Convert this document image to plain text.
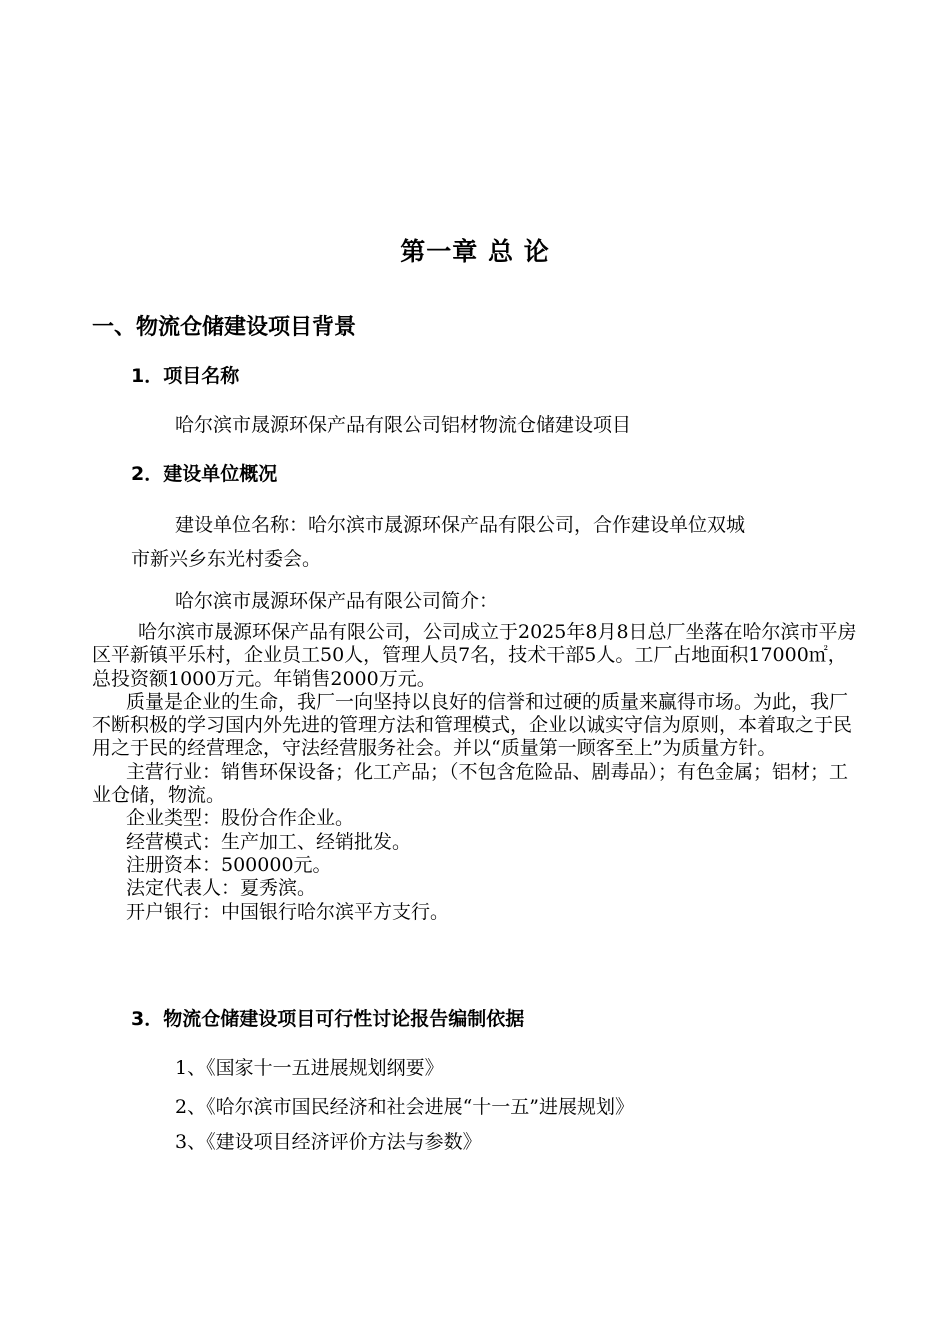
第一章 总 论
一、物流仓储建设项目背景
1．项目名称
哈尔滨市晟源环保产品有限公司铝材物流仓储建设项目
2．建设单位概况
建设单位名称：哈尔滨市晟源环保产品有限公司，合作建设单位双城
市新兴乡东光村委会。
哈尔滨市晟源环保产品有限公司简介：

哈尔滨市晟源环保产品有限公司，公司成立于2025年8月8日总厂坐落在哈尔滨市平房区平新镇平乐村，企业员工50人，管理人员7名，技术干部5人。工厂占地面积17000㎡，总投资额1000万元。年销售2000万元。

质量是企业的生命，我厂一向坚持以良好的信誉和过硬的质量来赢得市场。为此，我厂不断积极的学习国内外先进的管理方法和管理模式，企业以诚实守信为原则，本着取之于民用之于民的经营理念，守法经营服务社会。并以“质量第一顾客至上”为质量方针。

主营行业：销售环保设备；化工产品；（不包含危险品、剧毒品）；有色金属；铝材；工业仓储，物流。

企业类型：股份合作企业。

经营模式：生产加工、经销批发。

注册资本：500000元。

法定代表人：夏秀滨。

开户银行：中国银行哈尔滨平方支行。

3．物流仓储建设项目可行性讨论报告编制依据
1、《国家十一五进展规划纲要》
2、《哈尔滨市国民经济和社会进展“十一五”进展规划》
3、《建设项目经济评价方法与参数》
